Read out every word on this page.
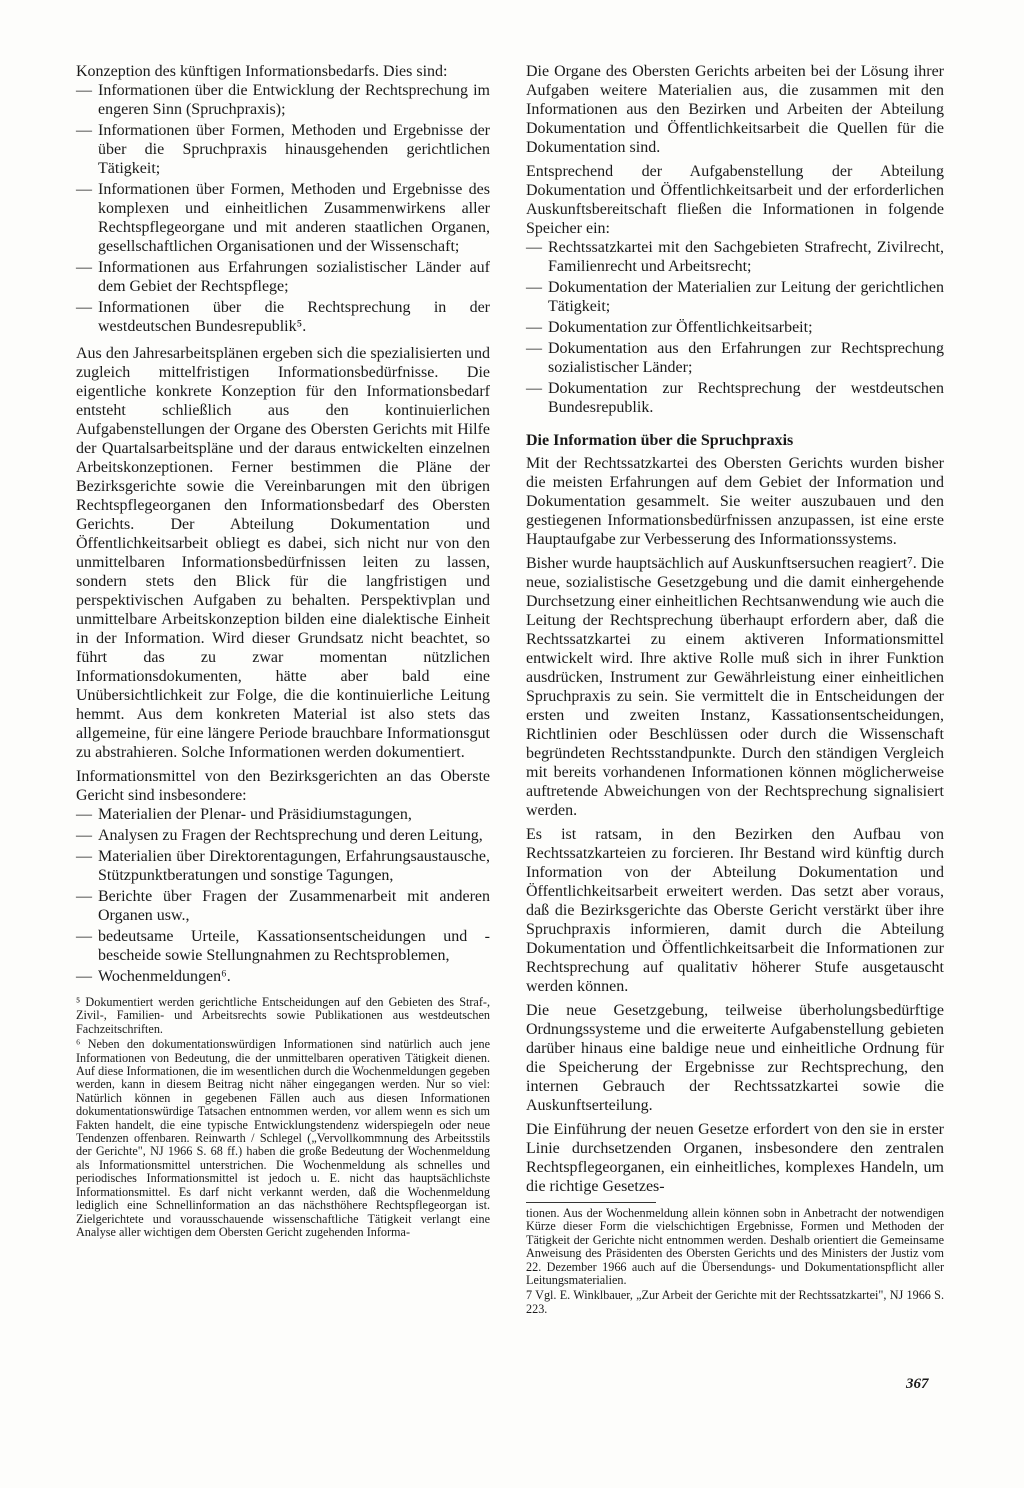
Konzeption des künftigen Informationsbedarfs. Dies sind:

— Informationen über die Entwicklung der Rechtsprechung im engeren Sinn (Spruchpraxis);
— Informationen über Formen, Methoden und Ergebnisse der über die Spruchpraxis hinausgehenden gerichtlichen Tätigkeit;
— Informationen über Formen, Methoden und Ergebnisse des komplexen und einheitlichen Zusammenwirkens aller Rechtspflegeorgane und mit anderen staatlichen Organen, gesellschaftlichen Organisationen und der Wissenschaft;
— Informationen aus Erfahrungen sozialistischer Länder auf dem Gebiet der Rechtspflege;
— Informationen über die Rechtsprechung in der westdeutschen Bundesrepublik⁵.

Aus den Jahresarbeitsplänen ergeben sich die spezialisierten und zugleich mittelfristigen Informationsbedürfnisse. Die eigentliche konkrete Konzeption für den Informationsbedarf entsteht schließlich aus den kontinuierlichen Aufgabenstellungen der Organe des Obersten Gerichts mit Hilfe der Quartalsarbeitspläne und der daraus entwickelten einzelnen Arbeitskonzeptionen. Ferner bestimmen die Pläne der Bezirksgerichte sowie die Vereinbarungen mit den übrigen Rechtspflegeorganen den Informationsbedarf des Obersten Gerichts. Der Abteilung Dokumentation und Öffentlichkeitsarbeit obliegt es dabei, sich nicht nur von den unmittelbaren Informationsbedürfnissen leiten zu lassen, sondern stets den Blick für die langfristigen und perspektivischen Aufgaben zu behalten. Perspektivplan und unmittelbare Arbeitskonzeption bilden eine dialektische Einheit in der Information. Wird dieser Grundsatz nicht beachtet, so führt das zu zwar momentan nützlichen Informationsdokumenten, hätte aber bald eine Unübersichtlichkeit zur Folge, die die kontinuierliche Leitung hemmt. Aus dem konkreten Material ist also stets das allgemeine, für eine längere Periode brauchbare Informationsgut zu abstrahieren. Solche Informationen werden dokumentiert.

Informationsmittel von den Bezirksgerichten an das Oberste Gericht sind insbesondere:

— Materialien der Plenar- und Präsidiumstagungen,
— Analysen zu Fragen der Rechtsprechung und deren Leitung,
— Materialien über Direktorentagungen, Erfahrungsaustausche, Stützpunktberatungen und sonstige Tagungen,
— Berichte über Fragen der Zusammenarbeit mit anderen Organen usw.,
— bedeutsame Urteile, Kassationsentscheidungen und -bescheide sowie Stellungnahmen zu Rechtsproblemen,
— Wochenmeldungen⁶.

⁵ Dokumentiert werden gerichtliche Entscheidungen auf den Gebieten des Straf-, Zivil-, Familien- und Arbeitsrechts sowie Publikationen aus westdeutschen Fachzeitschriften.

⁶ Neben den dokumentationswürdigen Informationen sind natürlich auch jene Informationen von Bedeutung, die der unmittelbaren operativen Tätigkeit dienen. Auf diese Informationen, die im wesentlichen durch die Wochenmeldungen gegeben werden, kann in diesem Beitrag nicht näher eingegangen werden. Nur so viel: Natürlich können in gegebenen Fällen auch aus diesen Informationen dokumentationswürdige Tatsachen entnommen werden, vor allem wenn es sich um Fakten handelt, die eine typische Entwicklungstendenz widerspiegeln oder neue Tendenzen offenbaren. Reinwarth / Schlegel („Vervollkommnung des Arbeitsstils der Gerichte", NJ 1966 S. 68 ff.) haben die große Bedeutung der Wochenmeldung als Informationsmittel unterstrichen. Die Wochenmeldung als schnelles und periodisches Informationsmittel ist jedoch u. E. nicht das hauptsächlichste Informationsmittel. Es darf nicht verkannt werden, daß die Wochenmeldung lediglich eine Schnellinformation an das nächsthöhere Rechtspflegeorgan ist. Zielgerichtete und vorausschauende wissenschaftliche Tätigkeit verlangt eine Analyse aller wichtigen dem Obersten Gericht zugehenden Informa-

Die Organe des Obersten Gerichts arbeiten bei der Lösung ihrer Aufgaben weitere Materialien aus, die zusammen mit den Informationen aus den Bezirken und Arbeiten der Abteilung Dokumentation und Öffentlichkeitsarbeit die Quellen für die Dokumentation sind.

Entsprechend der Aufgabenstellung der Abteilung Dokumentation und Öffentlichkeitsarbeit und der erforderlichen Auskunftsbereitschaft fließen die Informationen in folgende Speicher ein:

— Rechtssatzkartei mit den Sachgebieten Strafrecht, Zivilrecht, Familienrecht und Arbeitsrecht;
— Dokumentation der Materialien zur Leitung der gerichtlichen Tätigkeit;
— Dokumentation zur Öffentlichkeitsarbeit;
— Dokumentation aus den Erfahrungen zur Rechtsprechung sozialistischer Länder;
— Dokumentation zur Rechtsprechung der westdeutschen Bundesrepublik.
Die Information über die Spruchpraxis

Mit der Rechtssatzkartei des Obersten Gerichts wurden bisher die meisten Erfahrungen auf dem Gebiet der Information und Dokumentation gesammelt. Sie weiter auszubauen und den gestiegenen Informationsbedürfnissen anzupassen, ist eine erste Hauptaufgabe zur Verbesserung des Informationssystems.

Bisher wurde hauptsächlich auf Auskunftsersuchen reagiert⁷. Die neue, sozialistische Gesetzgebung und die damit einhergehende Durchsetzung einer einheitlichen Rechtsanwendung wie auch die Leitung der Rechtsprechung überhaupt erfordern aber, daß die Rechtssatzkartei zu einem aktiveren Informationsmittel entwickelt wird. Ihre aktive Rolle muß sich in ihrer Funktion ausdrücken, Instrument zur Gewährleistung einer einheitlichen Spruchpraxis zu sein. Sie vermittelt die in Entscheidungen der ersten und zweiten Instanz, Kassationsentscheidungen, Richtlinien oder Beschlüssen oder durch die Wissenschaft begründeten Rechtsstandpunkte. Durch den ständigen Vergleich mit bereits vorhandenen Informationen können möglicherweise auftretende Abweichungen von der Rechtsprechung signalisiert werden.

Es ist ratsam, in den Bezirken den Aufbau von Rechtssatzkarteien zu forcieren. Ihr Bestand wird künftig durch Information von der Abteilung Dokumentation und Öffentlichkeitsarbeit erweitert werden. Das setzt aber voraus, daß die Bezirksgerichte das Oberste Gericht verstärkt über ihre Spruchpraxis informieren, damit durch die Abteilung Dokumentation und Öffentlichkeitsarbeit die Informationen zur Rechtsprechung auf qualitativ höherer Stufe ausgetauscht werden können.

Die neue Gesetzgebung, teilweise überholungsbedürftige Ordnungssysteme und die erweiterte Aufgabenstellung gebieten darüber hinaus eine baldige neue und einheitliche Ordnung für die Speicherung der Ergebnisse zur Rechtsprechung, den internen Gebrauch der Rechtssatzkartei sowie die Auskunftserteilung.

Die Einführung der neuen Gesetze erfordert von den sie in erster Linie durchsetzenden Organen, insbesondere den zentralen Rechtspflegeorganen, ein einheitliches, komplexes Handeln, um die richtige Gesetzes-

tionen. Aus der Wochenmeldung allein können sobn in Anbetracht der notwendigen Kürze dieser Form die vielschichtigen Ergebnisse, Formen und Methoden der Tätigkeit der Gerichte nicht entnommen werden. Deshalb orientiert die Gemeinsame Anweisung des Präsidenten des Obersten Gerichts und des Ministers der Justiz vom 22. Dezember 1966 auch auf die Übersendungs- und Dokumentationspflicht aller Leitungsmaterialien.

7 Vgl. E. Winklbauer, „Zur Arbeit der Gerichte mit der Rechtssatzkartei", NJ 1966 S. 223.

367
